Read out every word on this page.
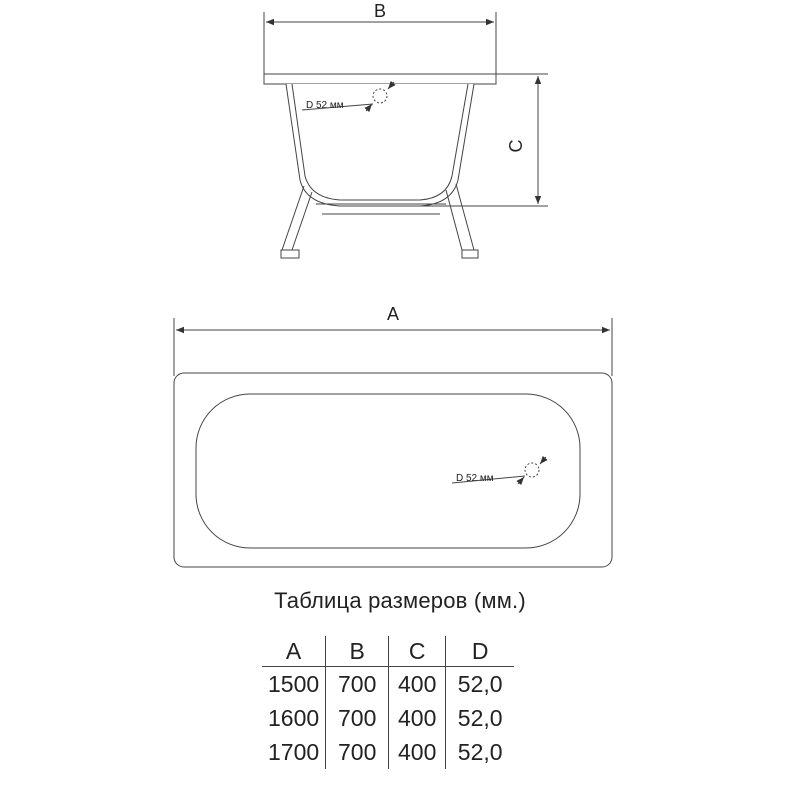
B
C
D 52 мм
A
D 52 мм
Таблица размеров (мм.)
A	B	C	D
1500	700	400	52,0
1600	700	400	52,0
1700	700	400	52,0
